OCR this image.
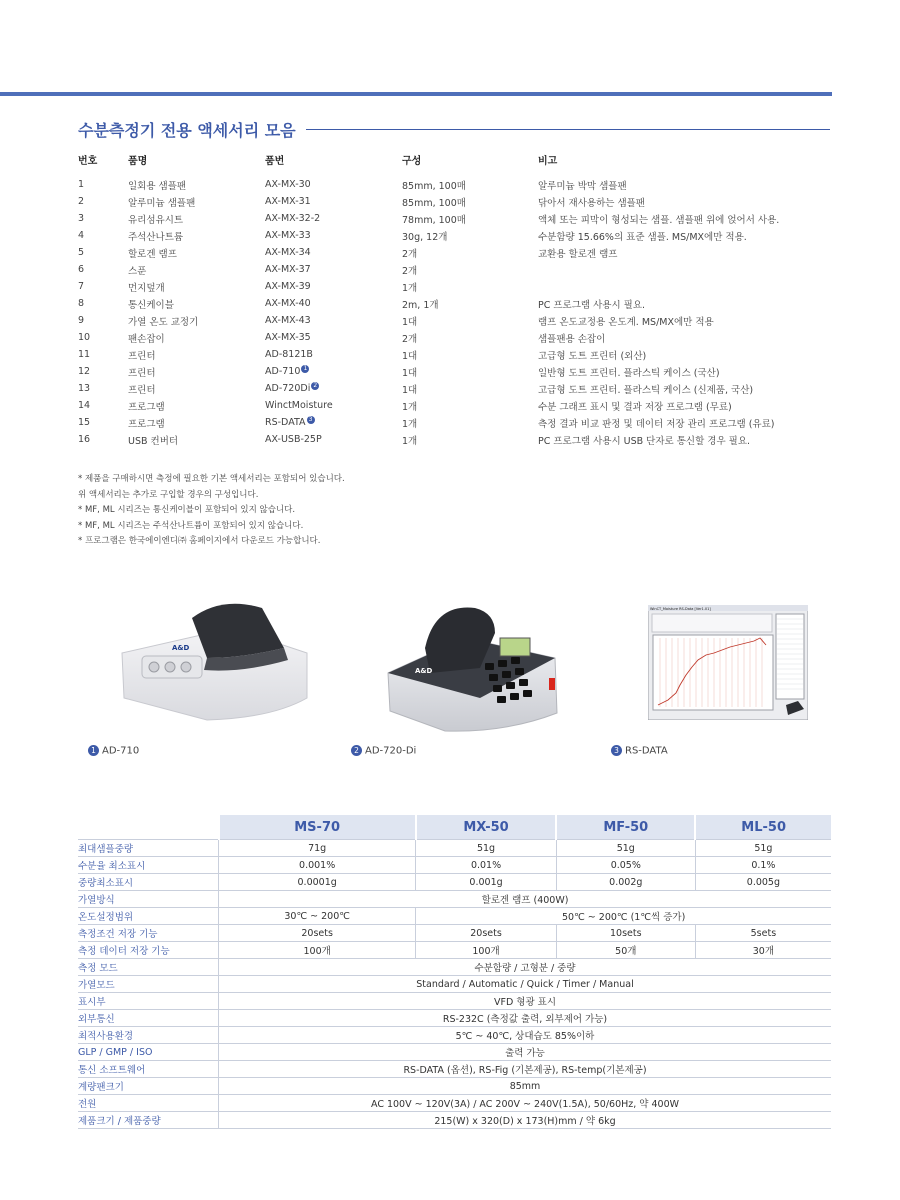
수분측정기 전용 액세서리 모음
번호	품명	품번	구성	비고
1	일회용 샘플팬	AX-MX-30	85mm, 100매	알루미늄 박막 샘플팬
2	알루미늄 샘플팬	AX-MX-31	85mm, 100매	닦아서 재사용하는 샘플팬
3	유리섬유시트	AX-MX-32-2	78mm, 100매	액체 또는 피막이 형성되는 샘플. 샘플팬 위에 얹어서 사용.
4	주석산나트륨	AX-MX-33	30g, 12개	수분함량 15.66%의 표준 샘플. MS/MX에만 적용.
5	할로겐 램프	AX-MX-34	2개	교환용 할로겐 램프
6	스푼	AX-MX-37	2개	
7	먼지덮개	AX-MX-39	1개	
8	통신케이블	AX-MX-40	2m, 1개	PC 프로그램 사용시 필요.
9	가열 온도 교정기	AX-MX-43	1대	램프 온도교정용 온도계. MS/MX에만 적용
10	팬손잡이	AX-MX-35	2개	샘플팬용 손잡이
11	프린터	AD-8121B	1대	고급형 도트 프린터 (외산)
12	프린터	AD-710 1	1대	일반형 도트 프린터. 플라스틱 케이스 (국산)
13	프린터	AD-720Di 2	1대	고급형 도트 프린터. 플라스틱 케이스 (신제품, 국산)
14	프로그램	WinctMoisture	1개	수분 그래프 표시 및 결과 저장 프로그램 (무료)
15	프로그램	RS-DATA 3	1개	측정 결과 비교 판정 및 데이터 저장 관리 프로그램 (유료)
16	USB 컨버터	AX-USB-25P	1개	PC 프로그램 사용시 USB 단자로 통신할 경우 필요.
* 제품을 구매하시면 측정에 필요한 기본 액세서리는 포함되어 있습니다.
위 액세서리는 추가로 구입할 경우의 구성입니다.
* MF, ML 시리즈는 통신케이블이 포함되어 있지 않습니다.
* MF, ML 시리즈는 주석산나트륨이 포함되어 있지 않습니다.
* 프로그램은 한국에이엔디㈜ 홈페이지에서 다운로드 가능합니다.
A&D
A&D
WinCT_Moisture RS-Data [Ver1.01]
1 AD-710	2 AD-720-Di	3 RS-DATA
	MS-70	MX-50	MF-50	ML-50
최대샘플중량	71g	51g	51g	51g
수분율 최소표시	0.001%	0.01%	0.05%	0.1%
중량최소표시	0.0001g	0.001g	0.002g	0.005g
가열방식	할로겐 램프 (400W)			
온도설정범위	30℃ ~ 200℃	50℃ ~ 200℃ (1℃씩 증가)		
측정조건 저장 기능	20sets	20sets	10sets	5sets
측정 데이터 저장 기능	100개	100개	50개	30개
측정 모드	수분함량 / 고형분 / 중량			
가열모드	Standard / Automatic / Quick / Timer / Manual			
표시부	VFD 형광 표시			
외부통신	RS-232C (측정값 출력, 외부제어 가능)			
최적사용환경	5℃ ~ 40℃, 상대습도 85%이하			
GLP / GMP / ISO	출력 가능			
통신 소프트웨어	RS-DATA (옵션), RS-Fig (기본제공), RS-temp(기본제공)			
계량팬크기	85mm			
전원	AC 100V ~ 120V(3A) / AC 200V ~ 240V(1.5A), 50/60Hz, 약 400W			
제품크기 / 제품중량	215(W) x 320(D) x 173(H)mm / 약 6kg			
